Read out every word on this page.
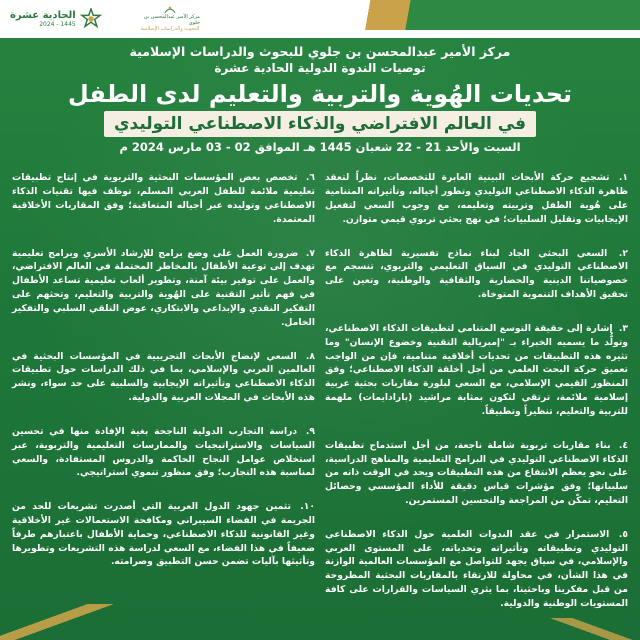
الحادية عشرة
2024 - 1445
مركز الأمير عبدالمحسن بن جلوي
للبحوث والدراسات الإسلامية

مركز الأمير عبدالمحسن بن جلوي للبحوث والدراسات الإسلامية

توصيات الندوة الدولية الحادية عشرة

تحديات الهُوية والتربية والتعليم لدى الطفل
في العالم الافتراضي والذكاء الاصطناعي التوليدي
السبت والأحد 21 - 22 شعبان 1445 هـ الموافق 02 - 03 مارس 2024 م

١. تشجيع حركة الأبحاث البينية العابرة للتخصصات، نظراً لتعقد ظاهرة الذكاء الاصطناعي التوليدي وتطور أجياله، وتأثيراته المتنامية على هُوية الطفل وتربيته وتعليمه، مع وجوب السعي لتفعيل الإيجابيات وتقليل السلبيات؛ في نهج بحثي تربوي قيمي متوازن.

٢. السعي البحثي الجاد لبناء نماذج تفسيرية لظاهرة الذكاء الاصطناعي التوليدي في السياق التعليمي والتربوي، تنسجم مع خصوصياتنا الدينية والحضارية والثقافية والوطنية، وتعين على تحقيق الأهداف التنموية المتوخاة.

٣. إشارة إلى حقيقة التوسع المتنامي لتطبيقات الذكاء الاصطناعي، وتولُّد ما يسميه الخبراء بـ "إمبريالية التقنية وخضوع الإنسان" وما تثيره هذه التطبيقات من تحديات أخلاقية متنامية، فإن من الواجب تعميق حركة البحث العلمي من أجل أخلقة الذكاء الاصطناعي؛ وفق المنظور القيمي الإسلامي، مع السعي لبلورة مقاربات بحثية عربية إسلامية ملائمة، ترتقي لتكون بمثابة مراشيد (بارادايمات) ملهمة للتربية والتعليم، تنظيراً وتطبيقاً.

٤. بناء مقاربات تربوية شاملة ناجعة، من أجل استدماج تطبيقات الذكاء الاصطناعي التوليدي في البرامج التعليمية والمناهج الدراسية، على نحو يعظم الانتفاع من هذه التطبيقات ويحد في الوقت ذاته من سلبياتها؛ وفق مؤشرات قياس دقيقة للأداء المؤسسي وحصائل التعليم، تمكّن من المراجعة والتحسين المستمرين.

٥. الاستمرار في عقد الندوات العلمية حول الذكاء الاصطناعي التوليدي وتطبيقاته وتأثيراته وتحدياته، على المستوى العربي والإسلامي، في سياق يجهد للتواصل مع المؤسسات العالمية الوازنة في هذا الشأن، في محاولة للارتقاء بالمقاربات البحثية المطروحة من قبل مفكرينا وباحثينا، بما يثري السياسات والقرارات على كافة المستويات الوطنية والدولية.

٦. تخصص بعض المؤسسات البحثية والتربوية في إنتاج تطبيقات تعليمية ملائمة للطفل العربي المسلم، توظف فيها تقنيات الذكاء الاصطناعي وتوليده عبر أجياله المتعاقبة؛ وفق المقاربات الأخلاقية المعتمدة.

٧. ضرورة العمل على وضع برامج للإرشاد الأسري وبرامج تعليمية تهدف إلى توعية الأطفال بالمخاطر المحتملة في العالم الافتراضي، والعمل على توفير بيئة آمنة، وتطوير ألعاب تعليمية تساعد الأطفال في فهم تأثير التقنية على الهُوية والتربية والتعليم، وتحثهم على التفكير النقدي والإبداعي والابتكاري، عوض التلقي السلبي والتفكير الخامل.

٨. السعي لإنضاج الأبحاث التجريبية في المؤسسات البحثية في العالمين العربي والإسلامي، بما في ذلك الدراسات حول تطبيقات الذكاء الاصطناعي وتأثيراته الإيجابية والسلبية على حد سواء، ونشر هذه الأبحاث في المجلات العربية والدولية.

٩. دراسة التجارب الدولية الناجحة بغية الإفادة منها في تحسين السياسات والاستراتيجيات والممارسات التعليمية والتربوية، عبر استخلاص عوامل النجاح الحاكمة والدروس المستفادة، والسعي لمناسبة هذه التجارب؛ وفق منظور تنموي استراتيجي.

١٠. تثمين جهود الدول العربية التي أصدرت تشريعات للحد من الجريمة في الفضاء السيبراني ومكافحة الاستعمالات غير الأخلاقية وغير القانونية للذكاء الاصطناعي، وحماية الأطفال باعتبارهم طرفاً ضعيفاً في هذا الفضاء، مع السعي لدراسة هذه التشريعات وتطويرها وتأثيثها بآليات تضمن حسن التطبيق وصرامته.
